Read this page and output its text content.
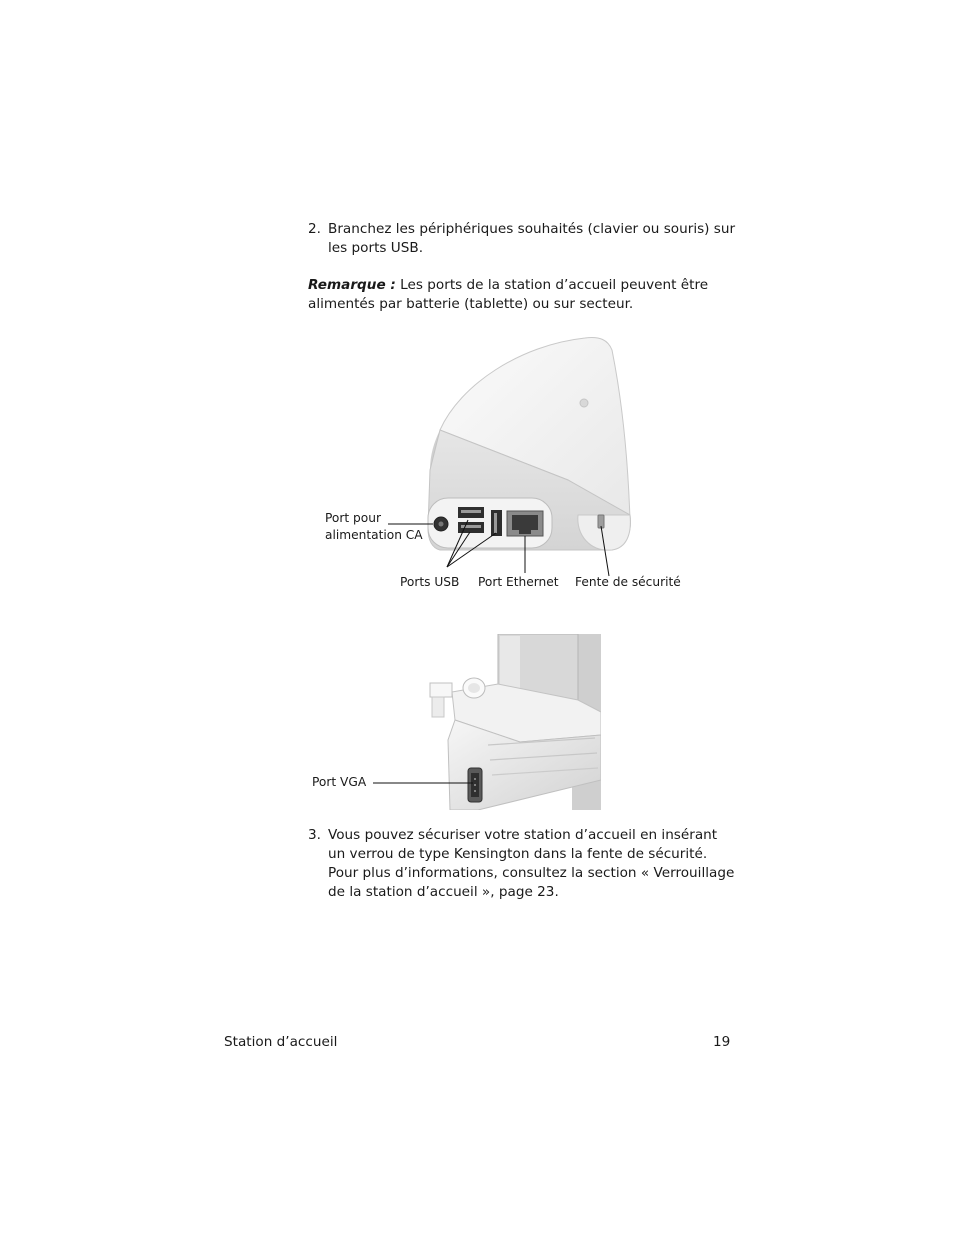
2. Branchez les périphériques souhaités (clavier ou souris) sur les ports USB.
Remarque : Les ports de la station d’accueil peuvent être alimentés par batterie (tablette) ou sur secteur.
Port pour
alimentation CA
Ports USB Port Ethernet Fente de sécurité
Port VGA
3. Vous pouvez sécuriser votre station d’accueil en insérant un verrou de type Kensington dans la fente de sécurité. Pour plus d’informations, consultez la section « Verrouillage de la station d’accueil », page 23.
Station d’accueil	19
